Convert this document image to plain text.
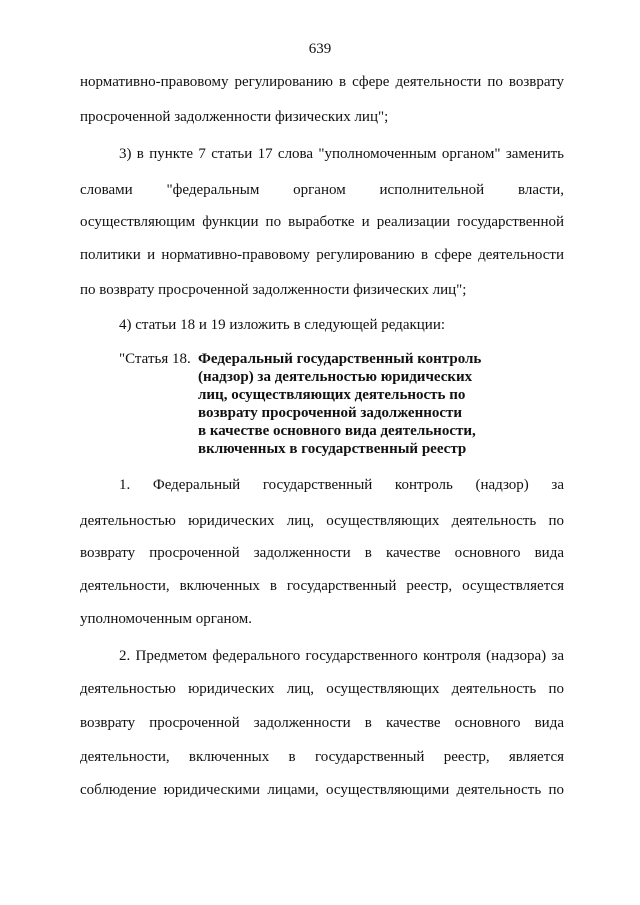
639
нормативно-правовому регулированию в сфере деятельности по возврату
просроченной задолженности физических лиц";
3) в пункте 7 статьи 17 слова "уполномоченным органом" заменить
словами "федеральным органом исполнительной власти,
осуществляющим функции по выработке и реализации государственной
политики и нормативно-правовому регулированию в сфере деятельности
по возврату просроченной задолженности физических лиц";
4) статьи 18 и 19 изложить в следующей редакции:
"Статья 18. Федеральный государственный контроль
(надзор) за деятельностью юридических
лиц, осуществляющих деятельность по
возврату просроченной задолженности
в качестве основного вида деятельности,
включенных в государственный реестр
1. Федеральный государственный контроль (надзор) за
деятельностью юридических лиц, осуществляющих деятельность по
возврату просроченной задолженности в качестве основного вида
деятельности, включенных в государственный реестр, осуществляется
уполномоченным органом.
2. Предметом федерального государственного контроля (надзора) за
деятельностью юридических лиц, осуществляющих деятельность по
возврату просроченной задолженности в качестве основного вида
деятельности, включенных в государственный реестр, является
соблюдение юридическими лицами, осуществляющими деятельность по
